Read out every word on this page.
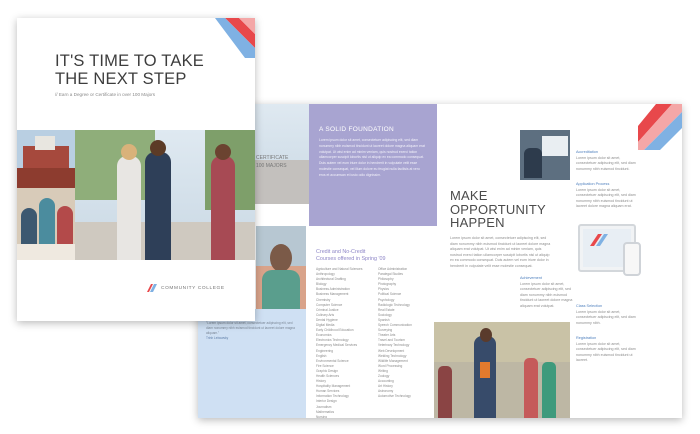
CERTIFICATE
100 MAJORS
A SOLID FOUNDATION
Lorem ipsum dolor sit amet, consectetuer adipiscing elit, sed diam nonummy nibh euismod tincidunt ut laoreet dolore magna aliquam erat volutpat. Ut wisi enim ad minim veniam, quis nostrud exerci tation ullamcorper suscipit lobortis nisl ut aliquip ex ea commodo consequat. Duis autem vel eum iriure dolor in hendrerit in vulputate velit esse molestie consequat, vel illum dolore eu feugiat nulla facilisis at vero eros et accumsan et iusto odio dignissim.
"Lorem ipsum dolor sit amet, consectetuer adipiscing elit, sed diam nonummy nibh euismod tincidunt ut laoreet dolore magna aliquam."
Trinh Lebowsky
Credit and No-Credit
Courses offered in Spring '09
Agriculture and Natural Sciences
Anthropology
Architectural Drafting
Biology
Business Administration
Business Management
Chemistry
Computer Science
Criminal Justice
Culinary Arts
Dental Hygiene
Digital Media
Early Childhood Education
Economics
Electronics Technology
Emergency Medical Services
Engineering
English
Environmental Science
Fire Science
Graphic Design
Health Sciences
History
Hospitality Management
Human Services
Information Technology
Interior Design
Journalism
Mathematics
Nursing
Office Administration
Paralegal Studies
Philosophy
Photography
Physics
Political Science
Psychology
Radiologic Technology
Real Estate
Sociology
Spanish
Speech Communication
Surveying
Theater Arts
Travel and Tourism
Veterinary Technology
Web Development
Welding Technology
Wildlife Management
Word Processing
Writing
Zoology
Accounting
Art History
Astronomy
Automotive Technology
MAKE
OPPORTUNITY
HAPPEN
Lorem ipsum dolor sit amet, consectetuer adipiscing elit, sed diam nonummy nibh euismod tincidunt ut laoreet dolore magna aliquam erat volutpat. Ut wisi enim ad minim veniam, quis nostrud exerci tation ullamcorper suscipit lobortis nisl ut aliquip ex ea commodo consequat. Duis autem vel eum iriure dolor in hendrerit in vulputate velit esse molestie consequat.
Achievement
Lorem ipsum dolor sit amet, consectetuer adipiscing elit, sed diam nonummy nibh euismod tincidunt ut laoreet dolore magna aliquam erat volutpat.
Accreditation
Lorem ipsum dolor sit amet, consectetuer adipiscing elit, sed diam nonummy nibh euismod tincidunt.
Application Process
Lorem ipsum dolor sit amet, consectetuer adipiscing elit, sed diam nonummy nibh euismod tincidunt ut laoreet dolore magna aliquam erat.
Class Selection
Lorem ipsum dolor sit amet, consectetuer adipiscing elit, sed diam nonummy nibh.
Registration
Lorem ipsum dolor sit amet, consectetuer adipiscing elit, sed diam nonummy nibh euismod tincidunt ut laoreet.
IT'S TIME TO TAKE
THE NEXT STEP
// Earn a Degree or Certificate in over 100 Majors
COMMUNITY COLLEGE
